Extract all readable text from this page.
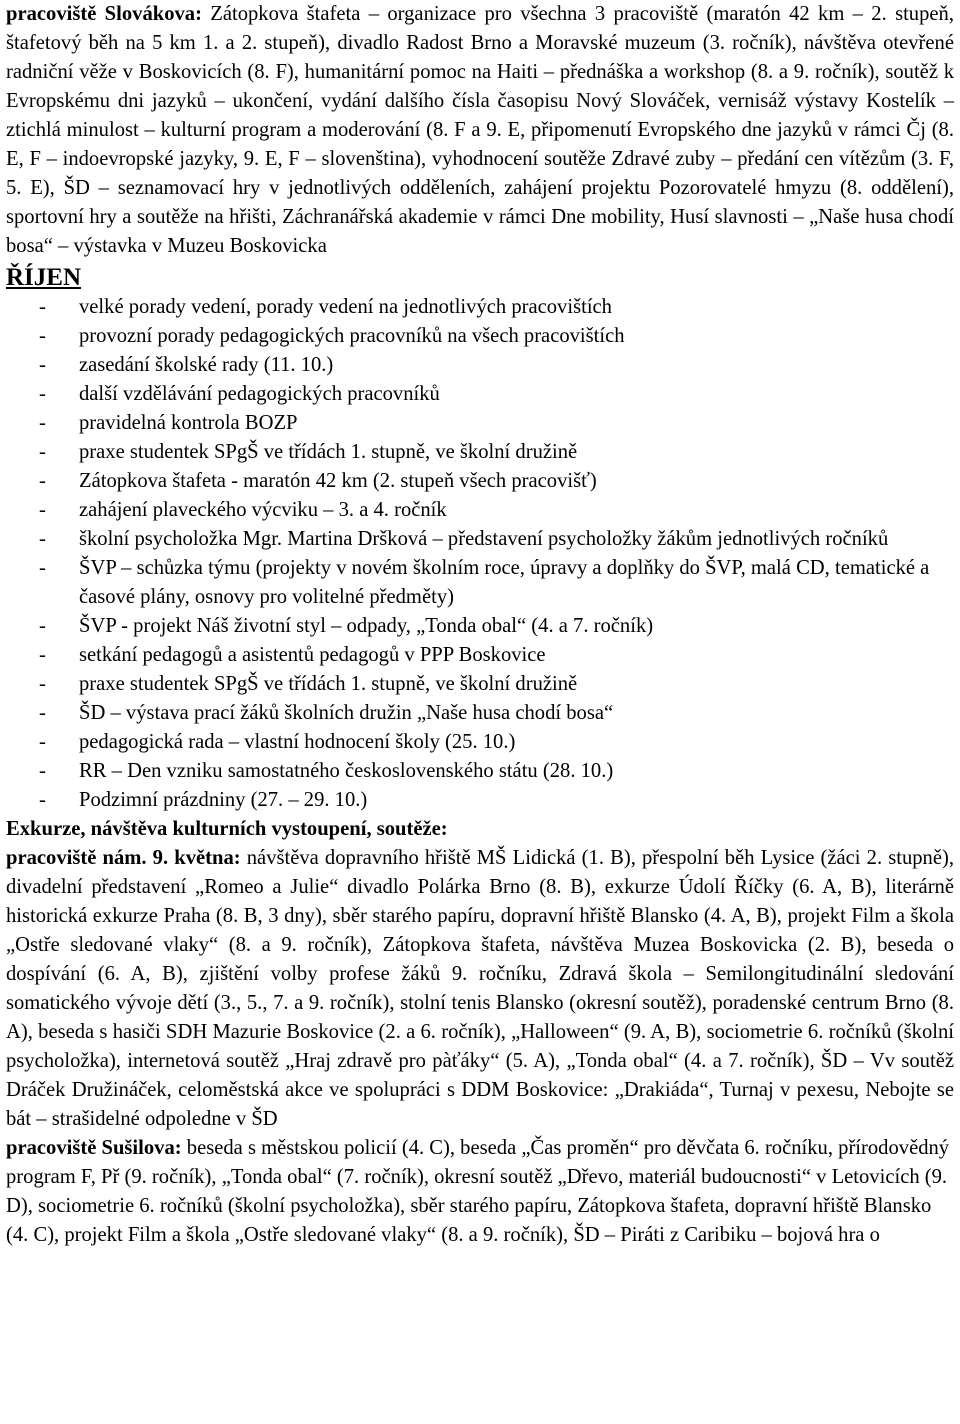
pracoviště Slovákova: Zátopkova štafeta – organizace pro všechna 3 pracoviště (maratón 42 km – 2. stupeň, štafetový běh na 5 km 1. a 2. stupeň), divadlo Radost Brno a Moravské muzeum (3. ročník), návštěva otevřené radniční věže v Boskovicích (8. F), humanitární pomoc na Haiti – přednáška a workshop (8. a 9. ročník), soutěž k Evropskému dni jazyků – ukončení, vydání dalšího čísla časopisu Nový Slováček, vernisáž výstavy Kostelík – ztichlá minulost – kulturní program a moderování (8. F a 9. E, připomenutí Evropského dne jazyků v rámci Čj (8. E, F – indoevropské jazyky, 9. E, F – slovenština), vyhodnocení soutěže Zdravé zuby – předání cen vítězům (3. F, 5. E), ŠD – seznamovací hry v jednotlivých odděleních, zahájení projektu Pozorovatelé hmyzu (8. oddělení), sportovní hry a soutěže na hřišti, Záchranářská akademie v rámci Dne mobility, Husí slavnosti – „Naše husa chodí bosa“ – výstavka v Muzeu Boskovicka

ŘÍJEN

- velké porady vedení, porady vedení na jednotlivých pracovištích
- provozní porady pedagogických pracovníků na všech pracovištích
- zasedání školské rady (11. 10.)
- další vzdělávání pedagogických pracovníků
- pravidelná kontrola BOZP
- praxe studentek SPgŠ ve třídách 1. stupně, ve školní družině
- Zátopkova štafeta - maratón 42 km (2. stupeň všech pracovišť)
- zahájení plaveckého výcviku – 3. a 4. ročník
- školní psycholožka Mgr. Martina Dršková – představení psycholožky žákům jednotlivých ročníků
- ŠVP – schůzka týmu (projekty v novém školním roce, úpravy a doplňky do ŠVP, malá CD, tematické a časové plány, osnovy pro volitelné předměty)
- ŠVP - projekt Náš životní styl – odpady, „Tonda obal“ (4. a 7. ročník)
- setkání pedagogů a asistentů pedagogů v PPP Boskovice
- praxe studentek SPgŠ ve třídách 1. stupně, ve školní družině
- ŠD – výstava prací žáků školních družin „Naše husa chodí bosa“
- pedagogická rada – vlastní hodnocení školy (25. 10.)
- RR – Den vzniku samostatného československého státu (28. 10.)
- Podzimní prázdniny (27. – 29. 10.)

Exkurze, návštěva kulturních vystoupení, soutěže:

pracoviště nám. 9. května: návštěva dopravního hřiště MŠ Lidická (1. B), přespolní běh Lysice (žáci 2. stupně), divadelní představení „Romeo a Julie“ divadlo Polárka Brno (8. B), exkurze Údolí Říčky (6. A, B), literárně historická exkurze Praha (8. B, 3 dny), sběr starého papíru, dopravní hřiště Blansko (4. A, B), projekt Film a škola „Ostře sledované vlaky“ (8. a 9. ročník), Zátopkova štafeta, návštěva Muzea Boskovicka (2. B), beseda o dospívání (6. A, B), zjištění volby profese žáků 9. ročníku, Zdravá škola – Semilongitudinální sledování somatického vývoje dětí (3., 5., 7. a 9. ročník), stolní tenis Blansko (okresní soutěž), poradenské centrum Brno (8. A), beseda s hasiči SDH Mazurie Boskovice (2. a 6. ročník), „Halloween“ (9. A, B), sociometrie 6. ročníků (školní psycholožka), internetová soutěž „Hraj zdravě pro pàťáky“ (5. A), „Tonda obal“ (4. a 7. ročník), ŠD – Vv soutěž Dráček Družináček, celoměstská akce ve spolupráci s DDM Boskovice: „Drakiáda“, Turnaj v pexesu, Nebojte se bát – strašidelné odpoledne v ŠD

pracoviště Sušilova: beseda s městskou policií (4. C), beseda „Čas proměn“ pro děvčata 6. ročníku, přírodovědný program F, Př (9. ročník), „Tonda obal“ (7. ročník), okresní soutěž „Dřevo, materiál budoucnosti“ v Letovicích (9. D), sociometrie 6. ročníků (školní psycholožka), sběr starého papíru, Zátopkova štafeta, dopravní hřiště Blansko (4. C), projekt Film a škola „Ostře sledované vlaky“ (8. a 9. ročník), ŠD – Piráti z Caribiku – bojová hra o
